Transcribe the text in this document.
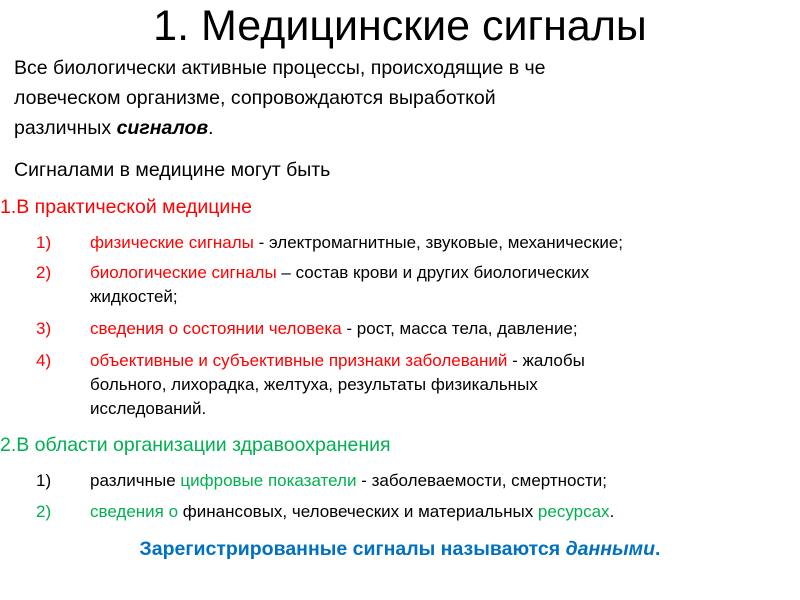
1. Медицинские сигналы
Все биологически активные процессы, происходящие в че
ловеческом организме, сопровождаются выработкой
различных сигналов.
Сигналами в медицине могут быть
1.В практической медицине
1) физические сигналы - электромагнитные, звуковые, механические;
2) биологические сигналы – состав крови и других биологических
жидкостей;
3) сведения о состоянии человека - рост, масса тела, давление;
4) объективные и субъективные признаки заболеваний - жалобы
больного, лихорадка, желтуха, результаты физикальных
исследований.
2.В области организации здравоохранения
1) различные цифровые показатели - заболеваемости, смертности;
2) сведения о финансовых, человеческих и материальных ресурсах.
Зарегистрированные сигналы называются данными.
